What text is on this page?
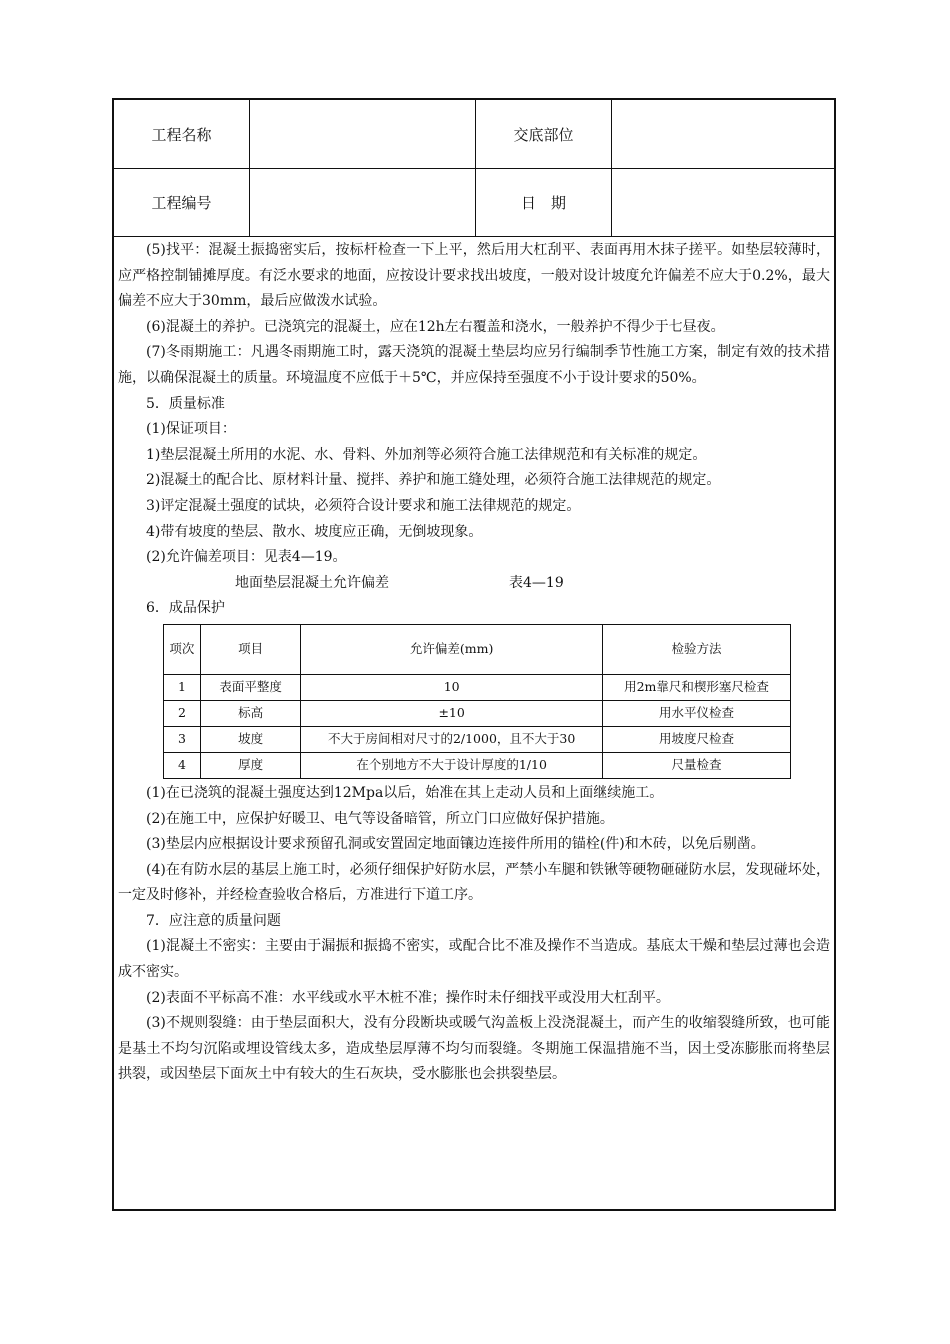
工程名称	交底部位
工程编号	日　期

(5)找平：混凝土振捣密实后，按标杆检查一下上平，然后用大杠刮平、表面再用木抹子搓平。如垫层较薄时，应严格控制铺摊厚度。有泛水要求的地面，应按设计要求找出坡度，一般对设计坡度允许偏差不应大于0.2%，最大偏差不应大于30mm，最后应做泼水试验。

(6)混凝土的养护。已浇筑完的混凝土，应在12h左右覆盖和浇水，一般养护不得少于七昼夜。

(7)冬雨期施工：凡遇冬雨期施工时，露天浇筑的混凝土垫层均应另行编制季节性施工方案，制定有效的技术措施，以确保混凝土的质量。环境温度不应低于＋5℃，并应保持至强度不小于设计要求的50%。

5．质量标准

(1)保证项目：

1)垫层混凝土所用的水泥、水、骨料、外加剂等必须符合施工法律规范和有关标准的规定。

2)混凝土的配合比、原材料计量、搅拌、养护和施工缝处理，必须符合施工法律规范的规定。

3)评定混凝土强度的试块，必须符合设计要求和施工法律规范的规定。

4)带有坡度的垫层、散水、坡度应正确，无倒坡现象。

(2)允许偏差项目：见表4—19。

地面垫层混凝土允许偏差	表4—19

6．成品保护

项次	项目	允许偏差(mm)	检验方法
1	表面平整度	10	用2m靠尺和楔形塞尺检查
2	标高	±10	用水平仪检查
3	坡度	不大于房间相对尺寸的2/1000，且不大于30	用坡度尺检查
4	厚度	在个别地方不大于设计厚度的1/10	尺量检查

(1)在已浇筑的混凝土强度达到12Mpa以后，始准在其上走动人员和上面继续施工。

(2)在施工中，应保护好暖卫、电气等设备暗管，所立门口应做好保护措施。

(3)垫层内应根据设计要求预留孔洞或安置固定地面镶边连接件所用的锚栓(件)和木砖，以免后剔凿。

(4)在有防水层的基层上施工时，必须仔细保护好防水层，严禁小车腿和铁锹等硬物砸碰防水层，发现碰坏处，一定及时修补，并经检查验收合格后，方准进行下道工序。

7．应注意的质量问题

(1)混凝土不密实：主要由于漏振和振捣不密实，或配合比不准及操作不当造成。基底太干燥和垫层过薄也会造成不密实。

(2)表面不平标高不准：水平线或水平木桩不准；操作时未仔细找平或没用大杠刮平。

(3)不规则裂缝：由于垫层面积大，没有分段断块或暖气沟盖板上没浇混凝土，而产生的收缩裂缝所致，也可能是基土不均匀沉陷或埋设管线太多，造成垫层厚薄不均匀而裂缝。冬期施工保温措施不当，因土受冻膨胀而将垫层拱裂，或因垫层下面灰土中有较大的生石灰块，受水膨胀也会拱裂垫层。
